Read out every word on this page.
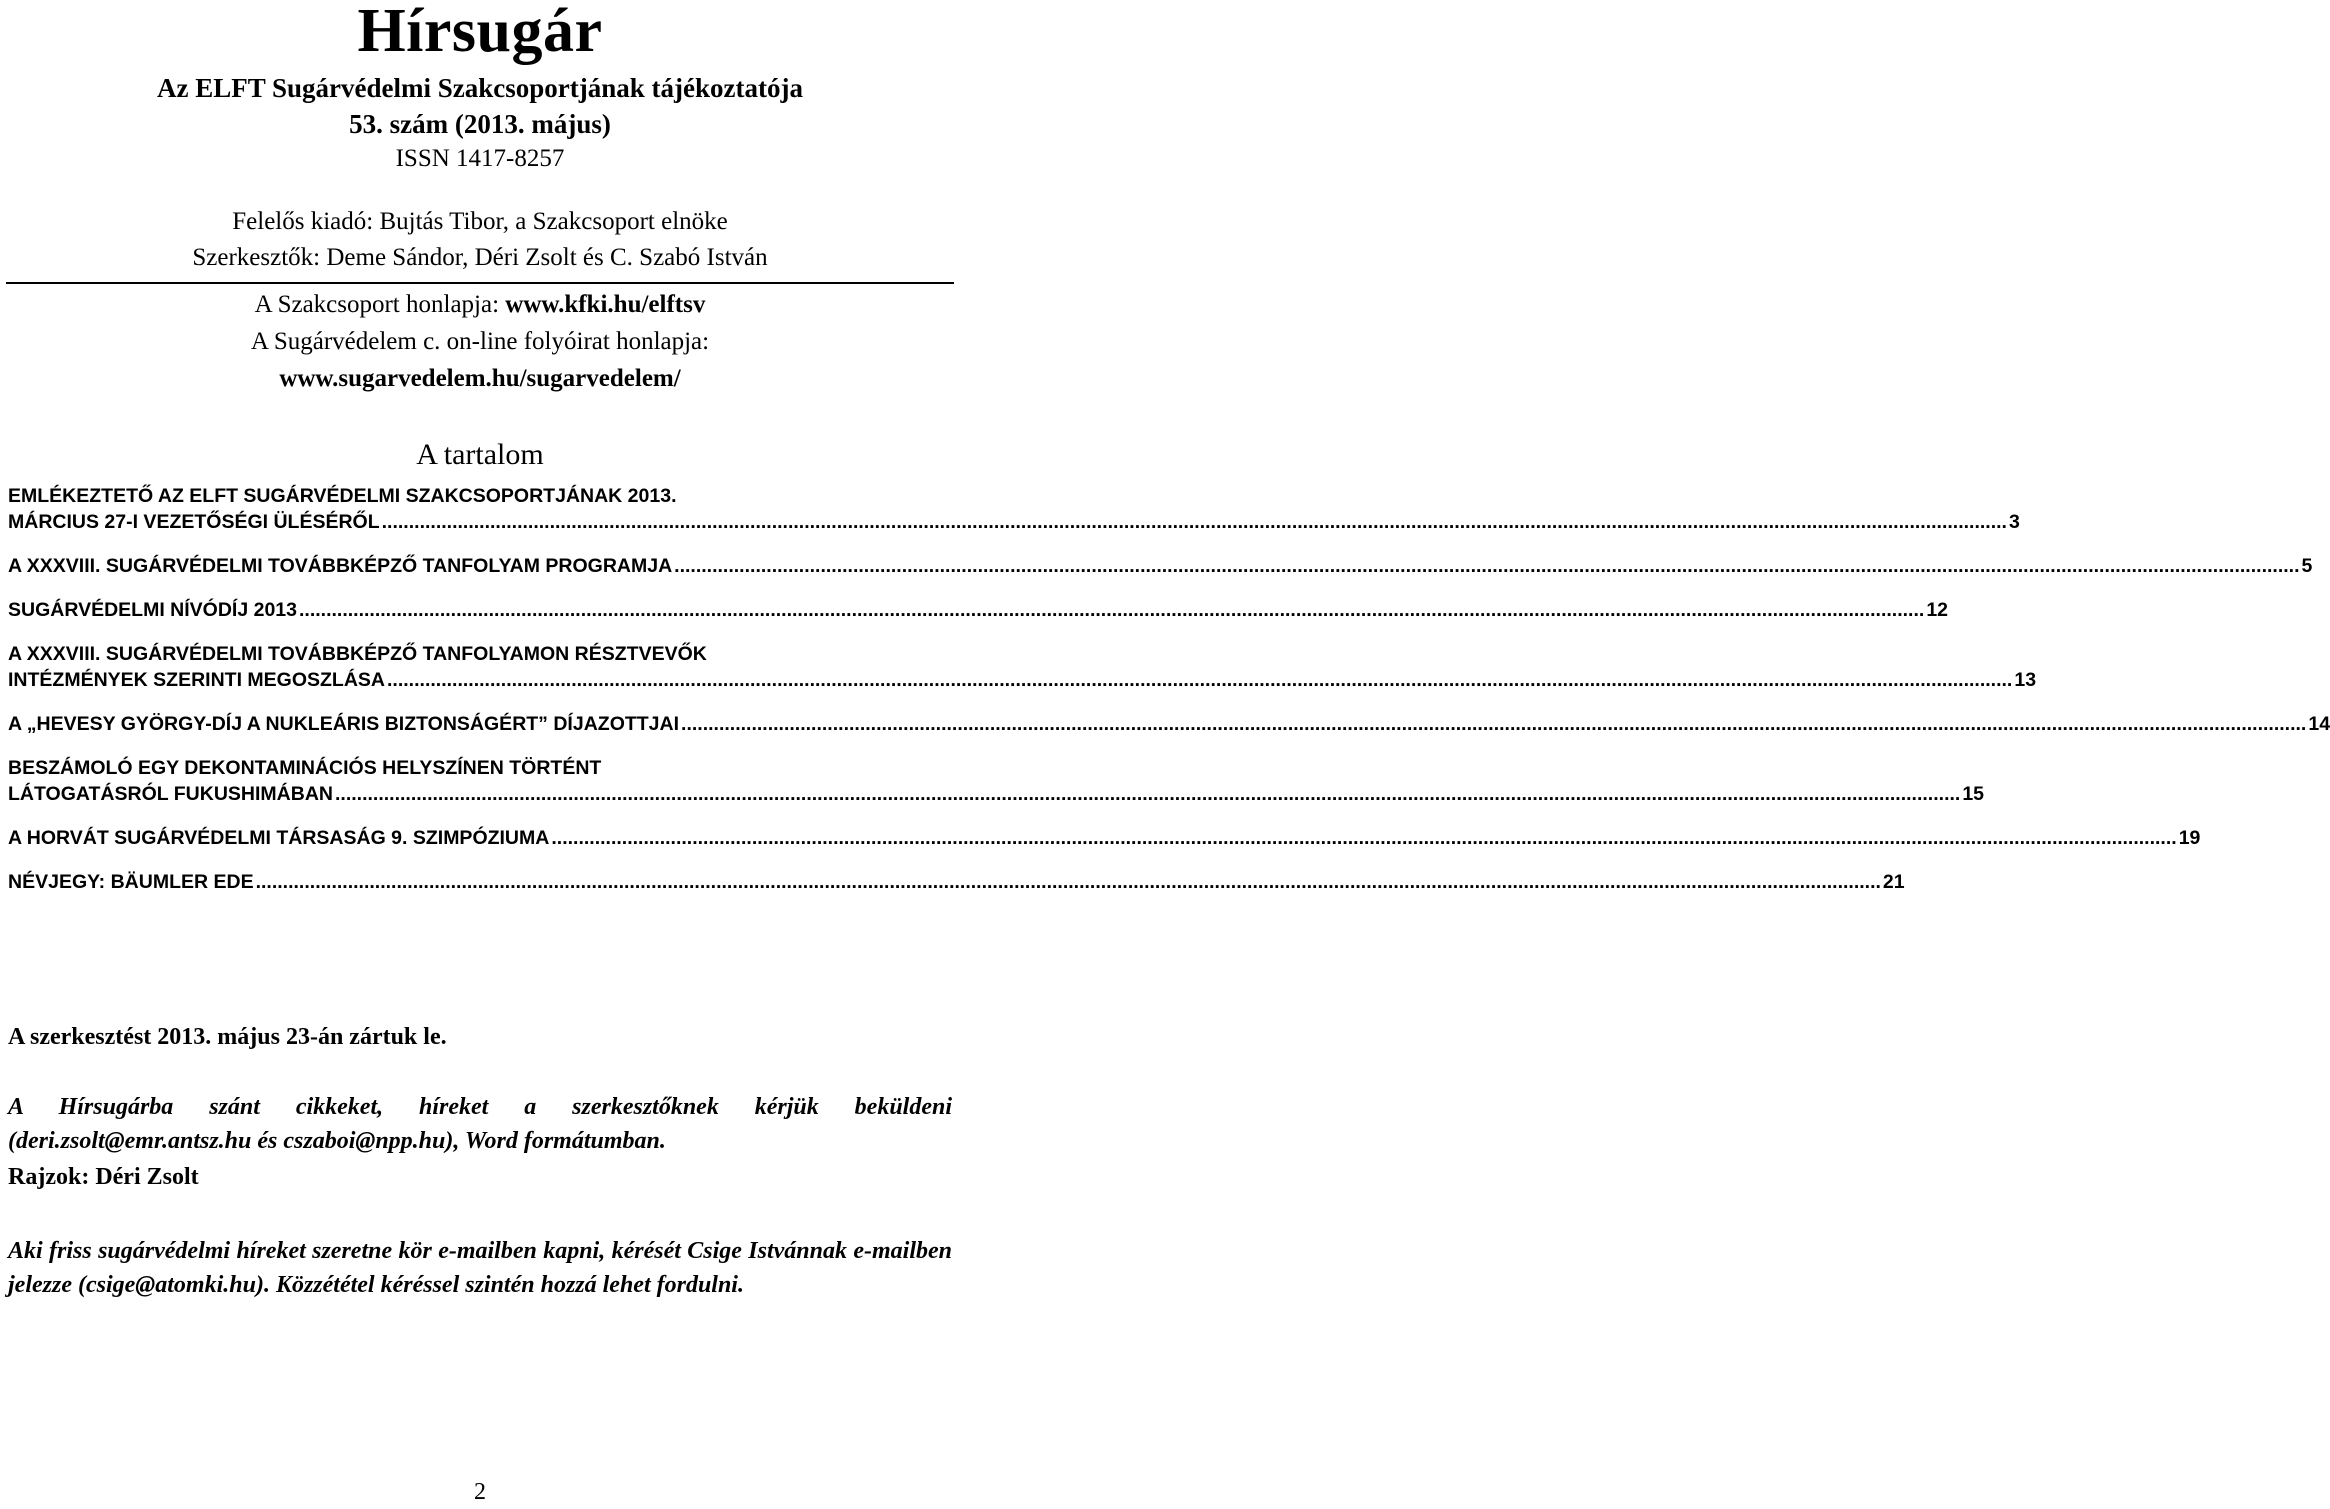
Hírsugár

Az ELFT Sugárvédelmi Szakcsoportjának tájékoztatója

53. szám (2013. május)

ISSN 1417-8257

Felelős kiadó: Bujtás Tibor, a Szakcsoport elnöke

Szerkesztők: Deme Sándor, Déri Zsolt és C. Szabó István

A Szakcsoport honlapja: www.kfki.hu/elftsv

A Sugárvédelem c. on-line folyóirat honlapja:

www.sugarvedelem.hu/sugarvedelem/

A tartalom

EMLÉKEZTETŐ AZ ELFT SUGÁRVÉDELMI SZAKCSOPORTJÁNAK 2013.
MÁRCIUS 27-I VEZETŐSÉGI ÜLÉSÉRŐL ............................................................................................................................................................................................................................................................................................................ 3
A XXXVIII. SUGÁRVÉDELMI TOVÁBBKÉPZŐ TANFOLYAM PROGRAMJA ............................................................................................................................................................................................................................................................................................................ 5
SUGÁRVÉDELMI NÍVÓDÍJ 2013 ............................................................................................................................................................................................................................................................................................................ 12
A XXXVIII. SUGÁRVÉDELMI TOVÁBBKÉPZŐ TANFOLYAMON RÉSZTVEVŐK
INTÉZMÉNYEK SZERINTI MEGOSZLÁSA ............................................................................................................................................................................................................................................................................................................ 13
A „HEVESY GYÖRGY-DÍJ A NUKLEÁRIS BIZTONSÁGÉRT” DÍJAZOTTJAI ............................................................................................................................................................................................................................................................................................................ 14
BESZÁMOLÓ EGY DEKONTAMINÁCIÓS HELYSZÍNEN TÖRTÉNT
LÁTOGATÁSRÓL FUKUSHIMÁBAN ............................................................................................................................................................................................................................................................................................................ 15
A HORVÁT SUGÁRVÉDELMI TÁRSASÁG 9. SZIMPÓZIUMA ............................................................................................................................................................................................................................................................................................................ 19
NÉVJEGY: BÄUMLER EDE ............................................................................................................................................................................................................................................................................................................ 21

A szerkesztést 2013. május 23-án zártuk le.

A Hírsugárba szánt cikkeket, híreket a szerkesztőknek kérjük beküldeni (deri.zsolt@emr.antsz.hu és cszaboi@npp.hu), Word formátumban.

Rajzok: Déri Zsolt

Aki friss sugárvédelmi híreket szeretne kör e-mailben kapni, kérését Csige Istvánnak e-mailben jelezze (csige@atomki.hu). Közzététel kéréssel szintén hozzá lehet fordulni.

2
